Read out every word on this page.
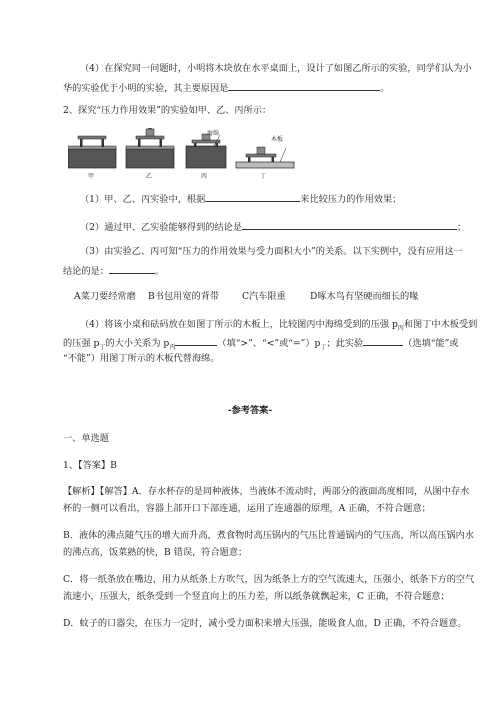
（4）在探究同一问题时，小明将木块放在水平桌面上，设计了如图乙所示的实验，同学们认为小
华的实验优于小明的实验，其主要原因是	。
2、探究“压力作用效果”的实验如甲、乙、丙所示：
海绵
木板
甲	乙	丙	丁
（1）甲、乙、丙实验中，根据	来比较压力的作用效果；
（2）通过甲、乙实验能够得到的结论是	；
（3）由实验乙、丙可知“压力的作用效果与受力面积大小”的关系。以下实例中，没有应用这一
结论的是：	。
A菜刀要经常磨 B书包用宽的背带 C汽车限重	D啄木鸟有坚硬而细长的喙
（4）将该小桌和砝码放在如图丁所示的木板上，比较图丙中海绵受到的压强 $p_丙$和图丁中木板受到
的压强 $p_丁$的大小关系为 $p_丙$	（填“>”、“<”或“$=”)p_丁$；此实验	（选填“能”或
“不能”）用图丁所示的木板代替海绵。
-参考答案-
一、单选题
1、【答案】B
【解析】【解答】A．存水杯存的是同种液体，当液体不流动时，两部分的液面高度相同，从图中存水
杯的一侧可以看出，容器上部开口下部连通，运用了连通器的原理，A 正确，不符合题意；
B．液体的沸点随气压的增大而升高，煮食物时高压锅内的气压比普通锅内的气压高，所以高压锅内水
的沸点高，饭菜熟的快，B 错误，符合题意；
C．将一纸条放在嘴边，用力从纸条上方吹气，因为纸条上方的空气流速大，压强小，纸条下方的空气
流速小，压强大，纸条受到一个竖直向上的压力差，所以纸条就飘起来，C 正确，不符合题意；
D．蚊子的口器尖，在压力一定时，减小受力面积来增大压强，能吸食人血，D 正确，不符合题意。
